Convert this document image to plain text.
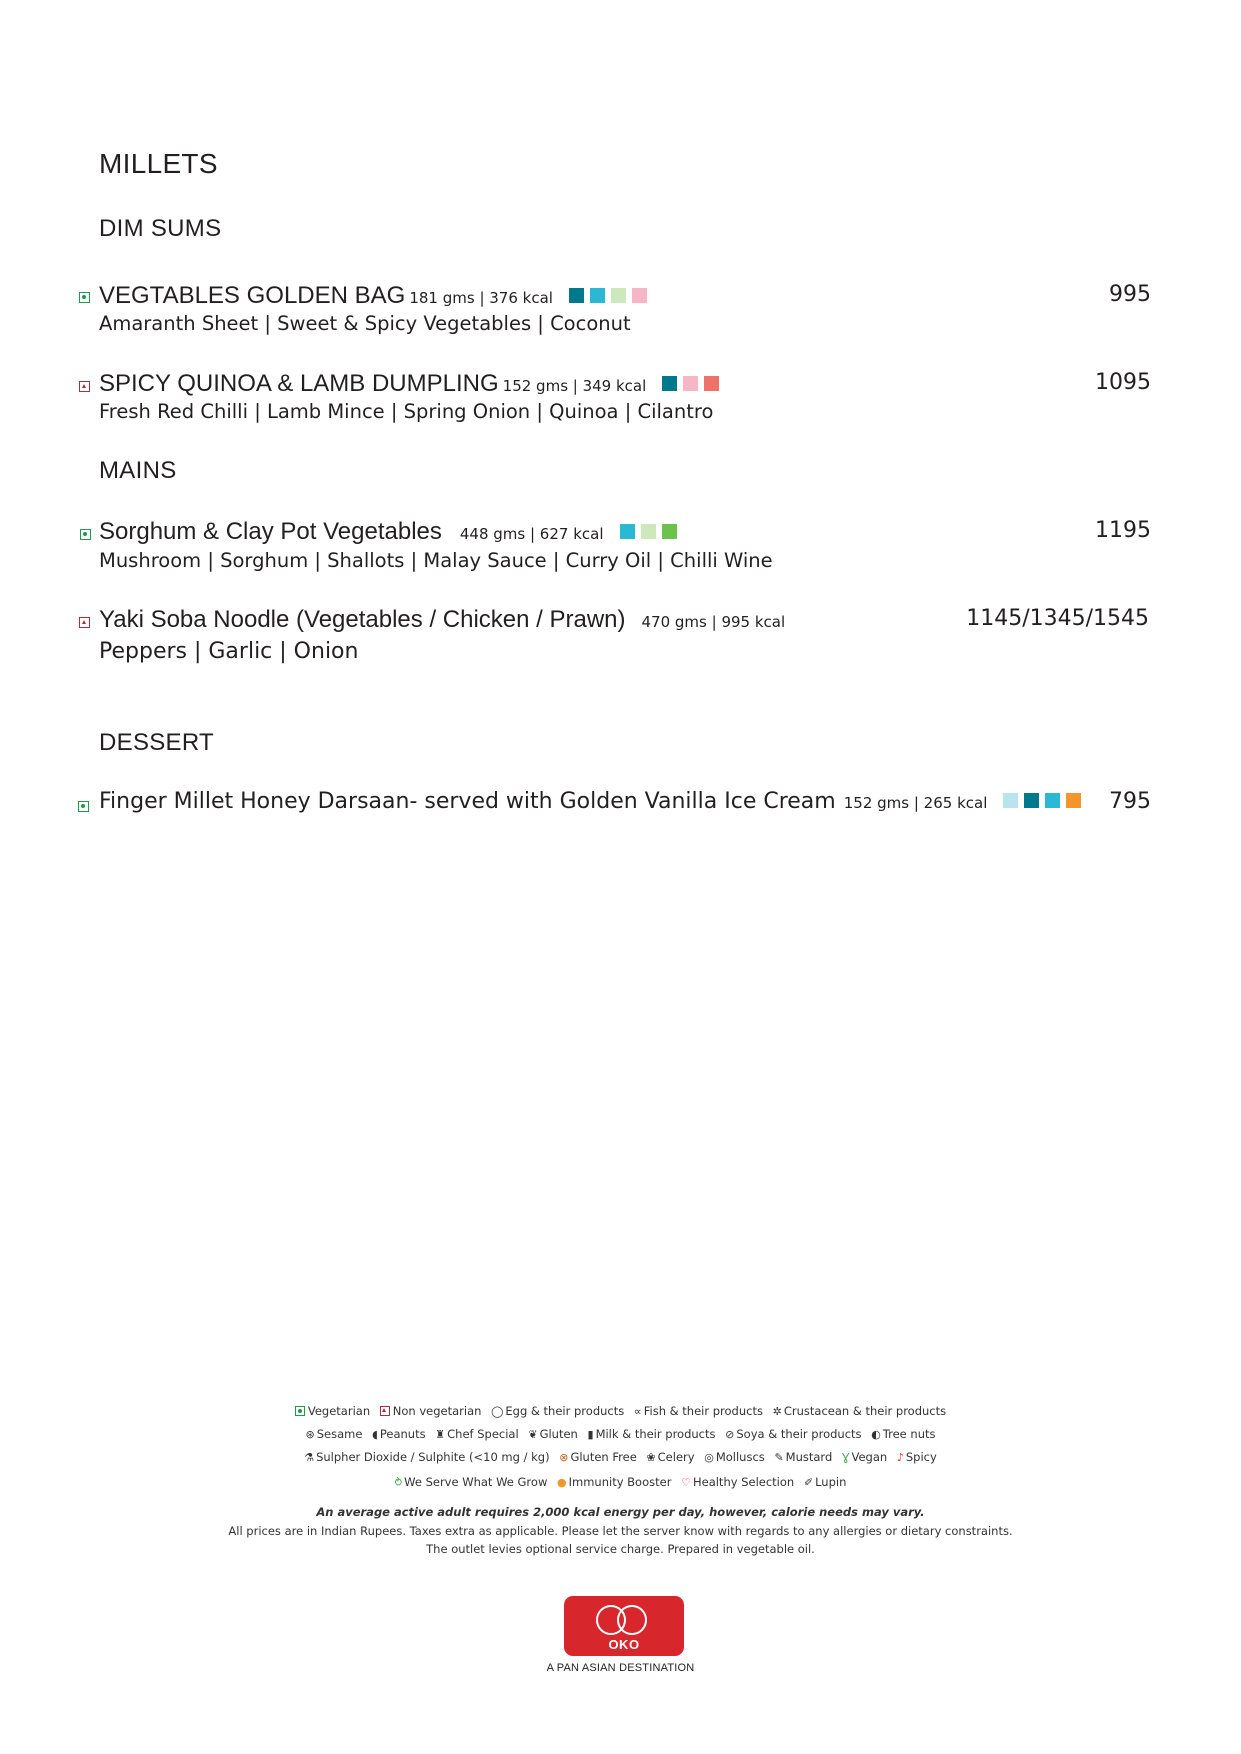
MILLETS
DIM SUMS
MAINS
DESSERT
VEGTABLES GOLDEN BAG 181 gms | 376 kcal
Amaranth Sheet | Sweet & Spicy Vegetables | Coconut
995
SPICY QUINOA & LAMB DUMPLING 152 gms | 349 kcal
Fresh Red Chilli | Lamb Mince | Spring Onion | Quinoa | Cilantro
1095
Sorghum & Clay Pot Vegetables 448 gms | 627 kcal
Mushroom | Sorghum | Shallots | Malay Sauce | Curry Oil | Chilli Wine
1195
Yaki Soba Noodle (Vegetables / Chicken / Prawn) 470 gms | 995 kcal
Peppers | Garlic | Onion
1145/1345/1545
Finger Millet Honey Darsaan- served with Golden Vanilla Ice Cream 152 gms | 265 kcal	795
Vegetarian Non vegetarian ◯ Egg & their products ∝ Fish & their products ✲ Crustacean & their products
⊛ Sesame ◖ Peanuts ♜ Chef Special ❦ Gluten ▮ Milk & their products ⊘ Soya & their products ◐ Tree nuts
⚗ Sulpher Dioxide / Sulphite (<10 mg / kg) ⊗ Gluten Free ❀ Celery ◎ Molluscs ✎ Mustard Ɣ Vegan ♪ Spicy
⥁ We Serve What We Grow ● Immunity Booster ♡ Healthy Selection ✐ Lupin
An average active adult requires 2,000 kcal energy per day, however, calorie needs may vary.
All prices are in Indian Rupees. Taxes extra as applicable. Please let the server know with regards to any allergies or dietary constraints.
The outlet levies optional service charge. Prepared in vegetable oil.
OKO
A PAN ASIAN DESTINATION
